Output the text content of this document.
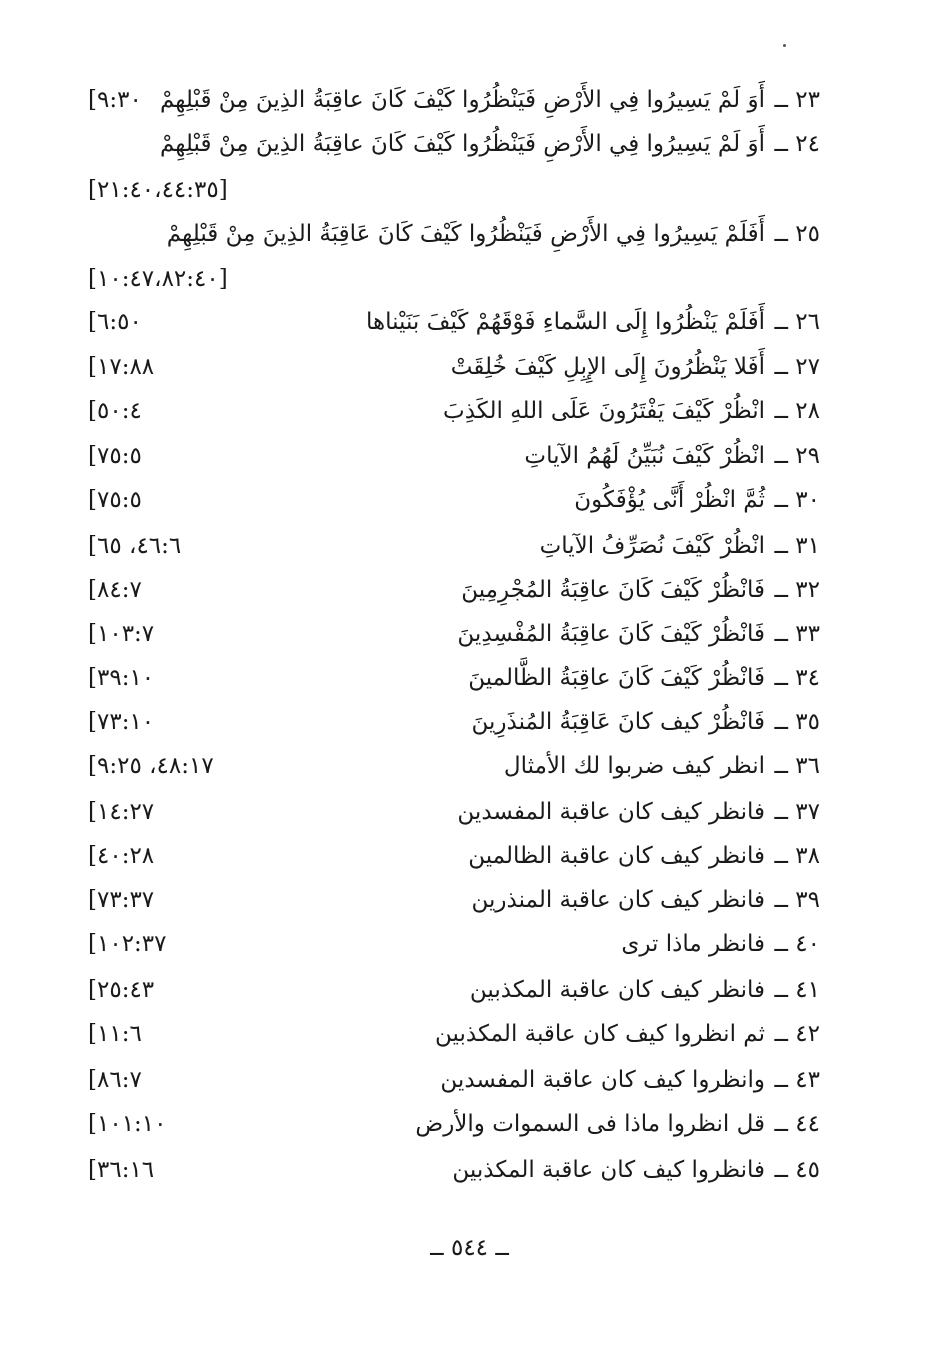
٢٣ ــ
أَوَ لَمْ يَسِيرُوا فِي الأَرْضِ فَيَنْظُرُوا كَيْفَ كَانَ عاقِبَةُ الذِينَ مِنْ قَبْلِهِمْ
[٩:٣٠
[٢١:٤٠،٤٤:٣٥]
٢٤ ــ
أَوَ لَمْ يَسِيرُوا فِي الأَرْضِ فَيَنْظُرُوا كَيْفَ كَانَ عاقِبَةُ الذِينَ مِنْ قَبْلِهِمْ
[١٠:٤٧،٨٢:٤٠]
٢٥ ــ
أَفَلَمْ يَسِيرُوا فِي الأَرْضِ فَيَنْظُرُوا كَيْفَ كَانَ عَاقِبَةُ الذِينَ مِنْ قَبْلِهِمْ
٢٦ ــ
أَفَلَمْ يَنْظُرُوا إِلَى السَّماءِ فَوْقَهُمْ كَيْفَ بَنَيْناها
[٦:٥٠
٢٧ ــ
أَفَلا يَنْظُرُونَ إِلَى الإِبِلِ كَيْفَ خُلِقَتْ
[١٧:٨٨
٢٨ ــ
انْظُرْ كَيْفَ يَفْتَرُونَ عَلَى اللهِ الكَذِبَ
[٥٠:٤
٢٩ ــ
انْظُرْ كَيْفَ نُبَيِّنُ لَهُمُ الآياتِ
[٧٥:٥
٣٠ ــ
ثُمَّ انْظُرْ أَنَّى يُؤْفَكُونَ
[٧٥:٥
٣١ ــ
انْظُرْ كَيْفَ نُصَرِّفُ الآياتِ
[٤٦:٦، ٦٥
٣٢ ــ
فَانْظُرْ كَيْفَ كَانَ عاقِبَةُ المُجْرِمِينَ
[٨٤:٧
٣٣ ــ
فَانْظُرْ كَيْفَ كَانَ عاقِبَةُ المُفْسِدِينَ
[١٠٣:٧
٣٤ ــ
فَانْظُرْ كَيْفَ كَانَ عاقِبَةُ الظَّالمينَ
[٣٩:١٠
٣٥ ــ
فَانْظُرْ كيف كانَ عَاقِبَةُ المُنذَرِينَ
[٧٣:١٠
٣٦ ــ
انظر كيف ضربوا لك الأمثال
[٤٨:١٧، ٩:٢٥
٣٧ ــ
فانظر كيف كان عاقبة المفسدين
[١٤:٢٧
٣٨ ــ
فانظر كيف كان عاقبة الظالمين
[٤٠:٢٨
٣٩ ــ
فانظر كيف كان عاقبة المنذرين
[٧٣:٣٧
٤٠ ــ
فانظر ماذا ترى
[١٠٢:٣٧
٤١ ــ
فانظر كيف كان عاقبة المكذبين
[٢٥:٤٣
٤٢ ــ
ثم انظروا كيف كان عاقبة المكذبين
[١١:٦
٤٣ ــ
وانظروا كيف كان عاقبة المفسدين
[٨٦:٧
٤٤ ــ
قل انظروا ماذا فى السموات والأرض
[١٠١:١٠
٤٥ ــ
فانظروا كيف كان عاقبة المكذبين
[٣٦:١٦
ــ ٥٤٤ ــ
